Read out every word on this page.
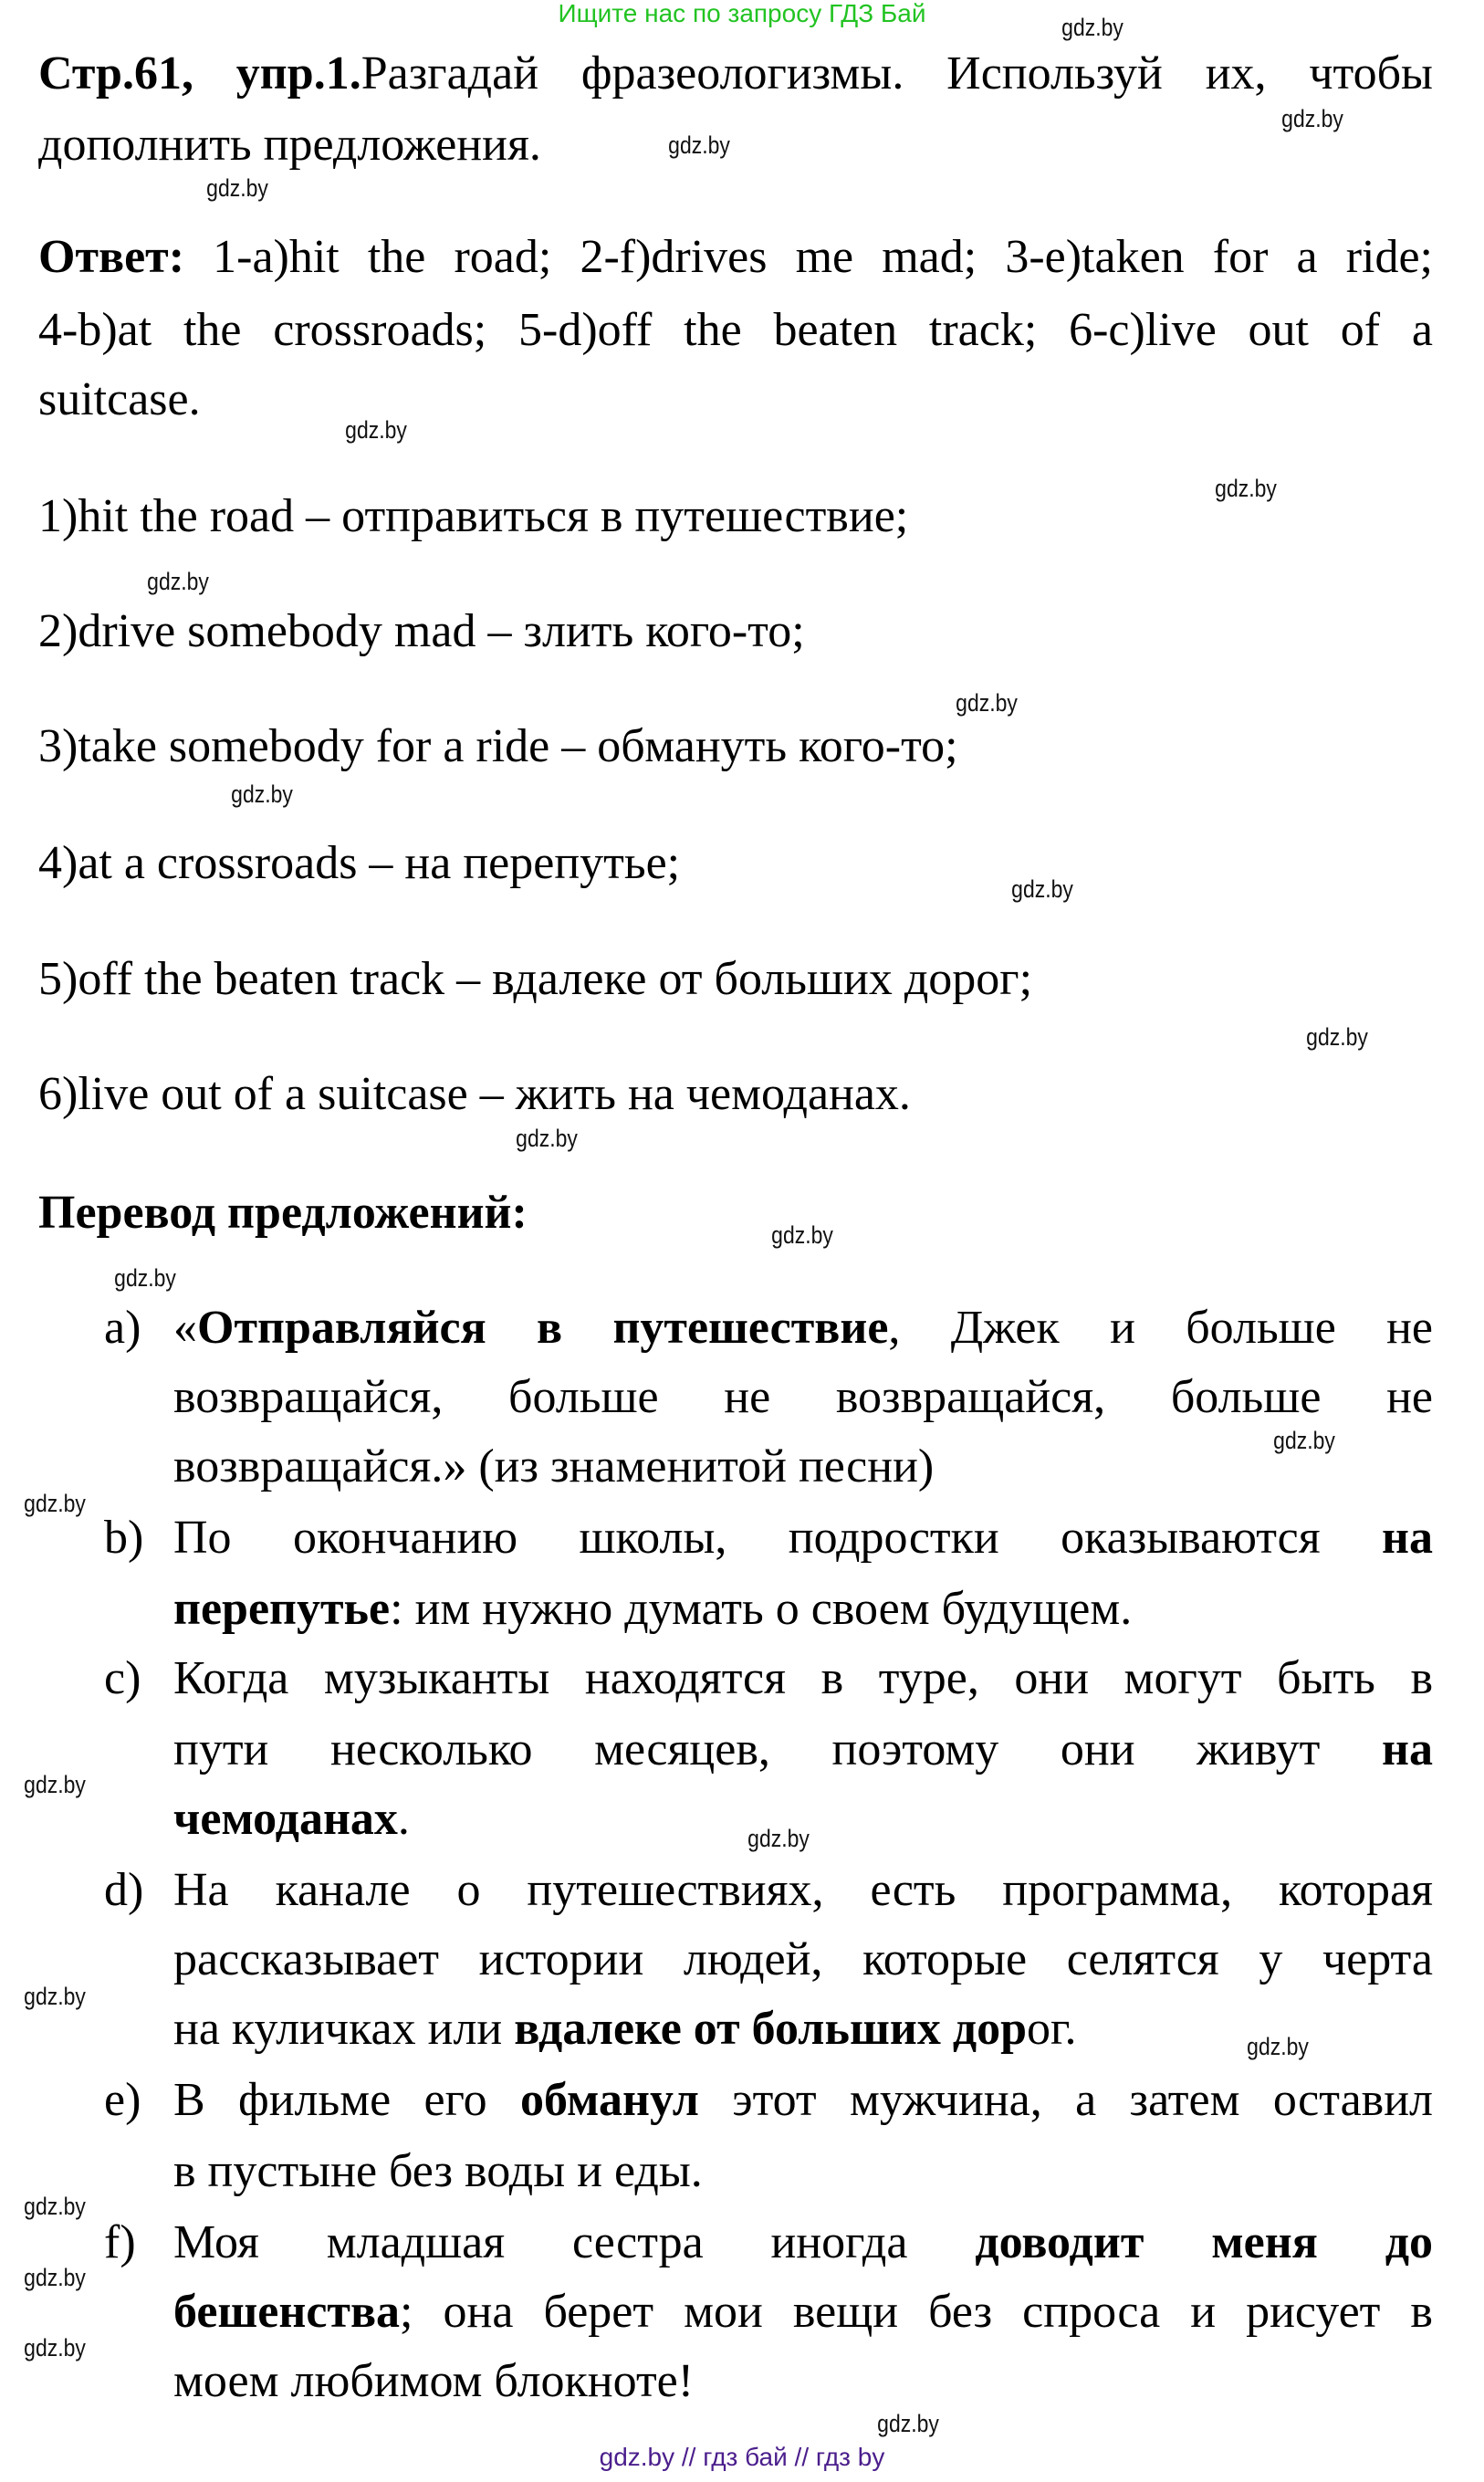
Ищите нас по запросу ГДЗ Бай
Стр.61, упр.1.Разгадай фразеологизмы. Используй их, чтобы
дополнить предложения.
Ответ: 1-a)hit the road; 2-f)drives me mad; 3-e)taken for a ride;
4-b)at the crossroads; 5-d)off the beaten track; 6-c)live out of a
suitcase.
1)hit the road – отправиться в путешествие;
2)drive somebody mad – злить кого-то;
3)take somebody for a ride – обмануть кого-то;
4)at a crossroads – на перепутье;
5)off the beaten track – вдалеке от больших дорог;
6)live out of a suitcase – жить на чемоданах.
Перевод предложений:
«Отправляйся в путешествие, Джек и больше не
a)
возвращайся, больше не возвращайся, больше не
возвращайся.» (из знаменитой песни)
По окончанию школы, подростки оказываются на
b)
перепутье: им нужно думать о своем будущем.
Когда музыканты находятся в туре, они могут быть в
c)
пути несколько месяцев, поэтому они живут на
чемоданах.
На канале о путешествиях, есть программа, которая
d)
рассказывает истории людей, которые селятся у черта
на куличках или вдалеке от больших дорог.
В фильме его обманул этот мужчина, а затем оставил
e)
в пустыне без воды и еды.
Моя младшая сестра иногда доводит меня до
f)
бешенства; она берет мои вещи без спроса и рисует в
моем любимом блокноте!
gdz.by
gdz.by
gdz.by
gdz.by
gdz.by
gdz.by
gdz.by
gdz.by
gdz.by
gdz.by
gdz.by
gdz.by
gdz.by
gdz.by
gdz.by
gdz.by
gdz.by
gdz.by
gdz.by
gdz.by
gdz.by
gdz.by
gdz.by
gdz.by
gdz.by // гдз бай // гдз by
